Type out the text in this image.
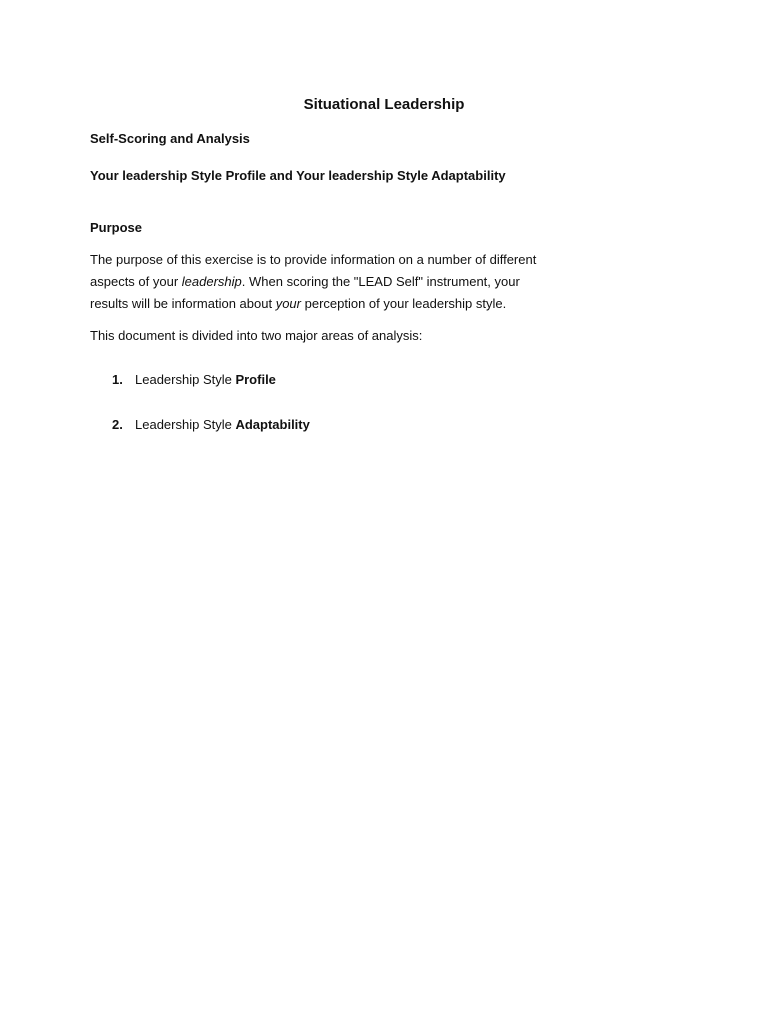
Situational Leadership
Self-Scoring and Analysis
Your leadership Style Profile and Your leadership Style Adaptability
Purpose
The purpose of this exercise is to provide information on a number of different
aspects of your leadership. When scoring the "LEAD Self" instrument, your
results will be information about your perception of your leadership style.
This document is divided into two major areas of analysis:
1. Leadership Style Profile
2. Leadership Style Adaptability
